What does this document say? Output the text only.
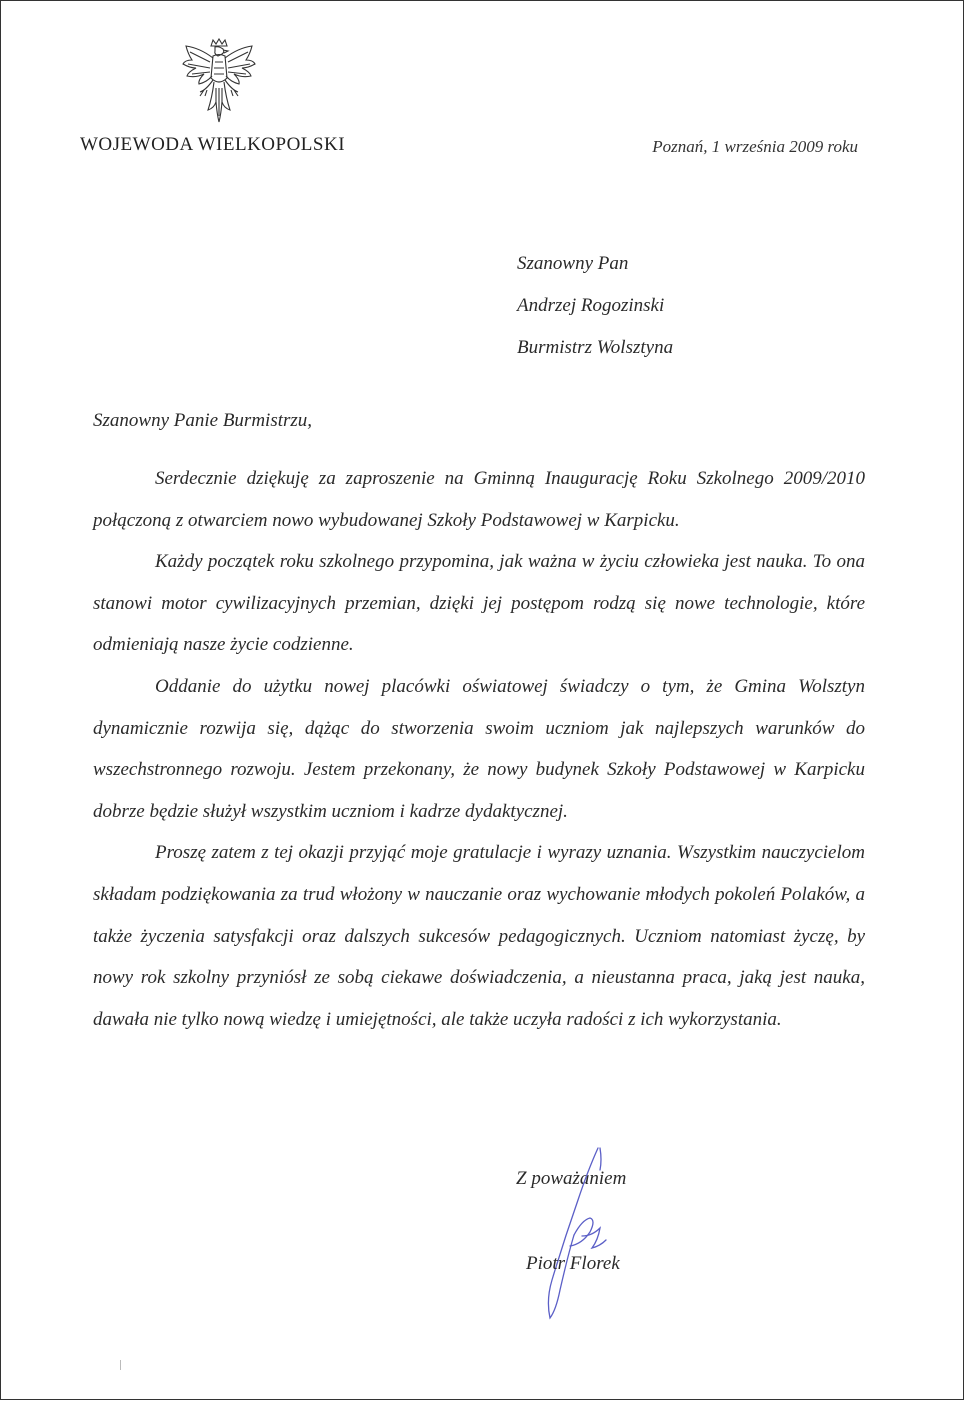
WOJEWODA WIELKOPOLSKI	Poznań, 1 września 2009 roku
Szanowny Pan
Andrzej Rogozinski
Burmistrz Wolsztyna
Szanowny Panie Burmistrzu,

Serdecznie dziękuję za zaproszenie na Gminną Inaugurację Roku Szkolnego 2009/2010 połączoną z otwarciem nowo wybudowanej Szkoły Podstawowej w Karpicku.

Każdy początek roku szkolnego przypomina, jak ważna w życiu człowieka jest nauka. To ona stanowi motor cywilizacyjnych przemian, dzięki jej postępom rodzą się nowe technologie, które odmieniają nasze życie codzienne.

Oddanie do użytku nowej placówki oświatowej świadczy o tym, że Gmina Wolsztyn dynamicznie rozwija się, dążąc do stworzenia swoim uczniom jak najlepszych warunków do wszechstronnego rozwoju. Jestem przekonany, że nowy budynek Szkoły Podstawowej w Karpicku dobrze będzie służył wszystkim uczniom i kadrze dydaktycznej.

Proszę zatem z tej okazji przyjąć moje gratulacje i wyrazy uznania. Wszystkim nauczycielom składam podziękowania za trud włożony w nauczanie oraz wychowanie młodych pokoleń Polaków, a także życzenia satysfakcji oraz dalszych sukcesów pedagogicznych. Uczniom natomiast życzę, by nowy rok szkolny przyniósł ze sobą ciekawe doświadczenia, a nieustanna praca, jaką jest nauka, dawała nie tylko nową wiedzę i umiejętności, ale także uczyła radości z ich wykorzystania.

Z poważaniem
Piotr Florek
